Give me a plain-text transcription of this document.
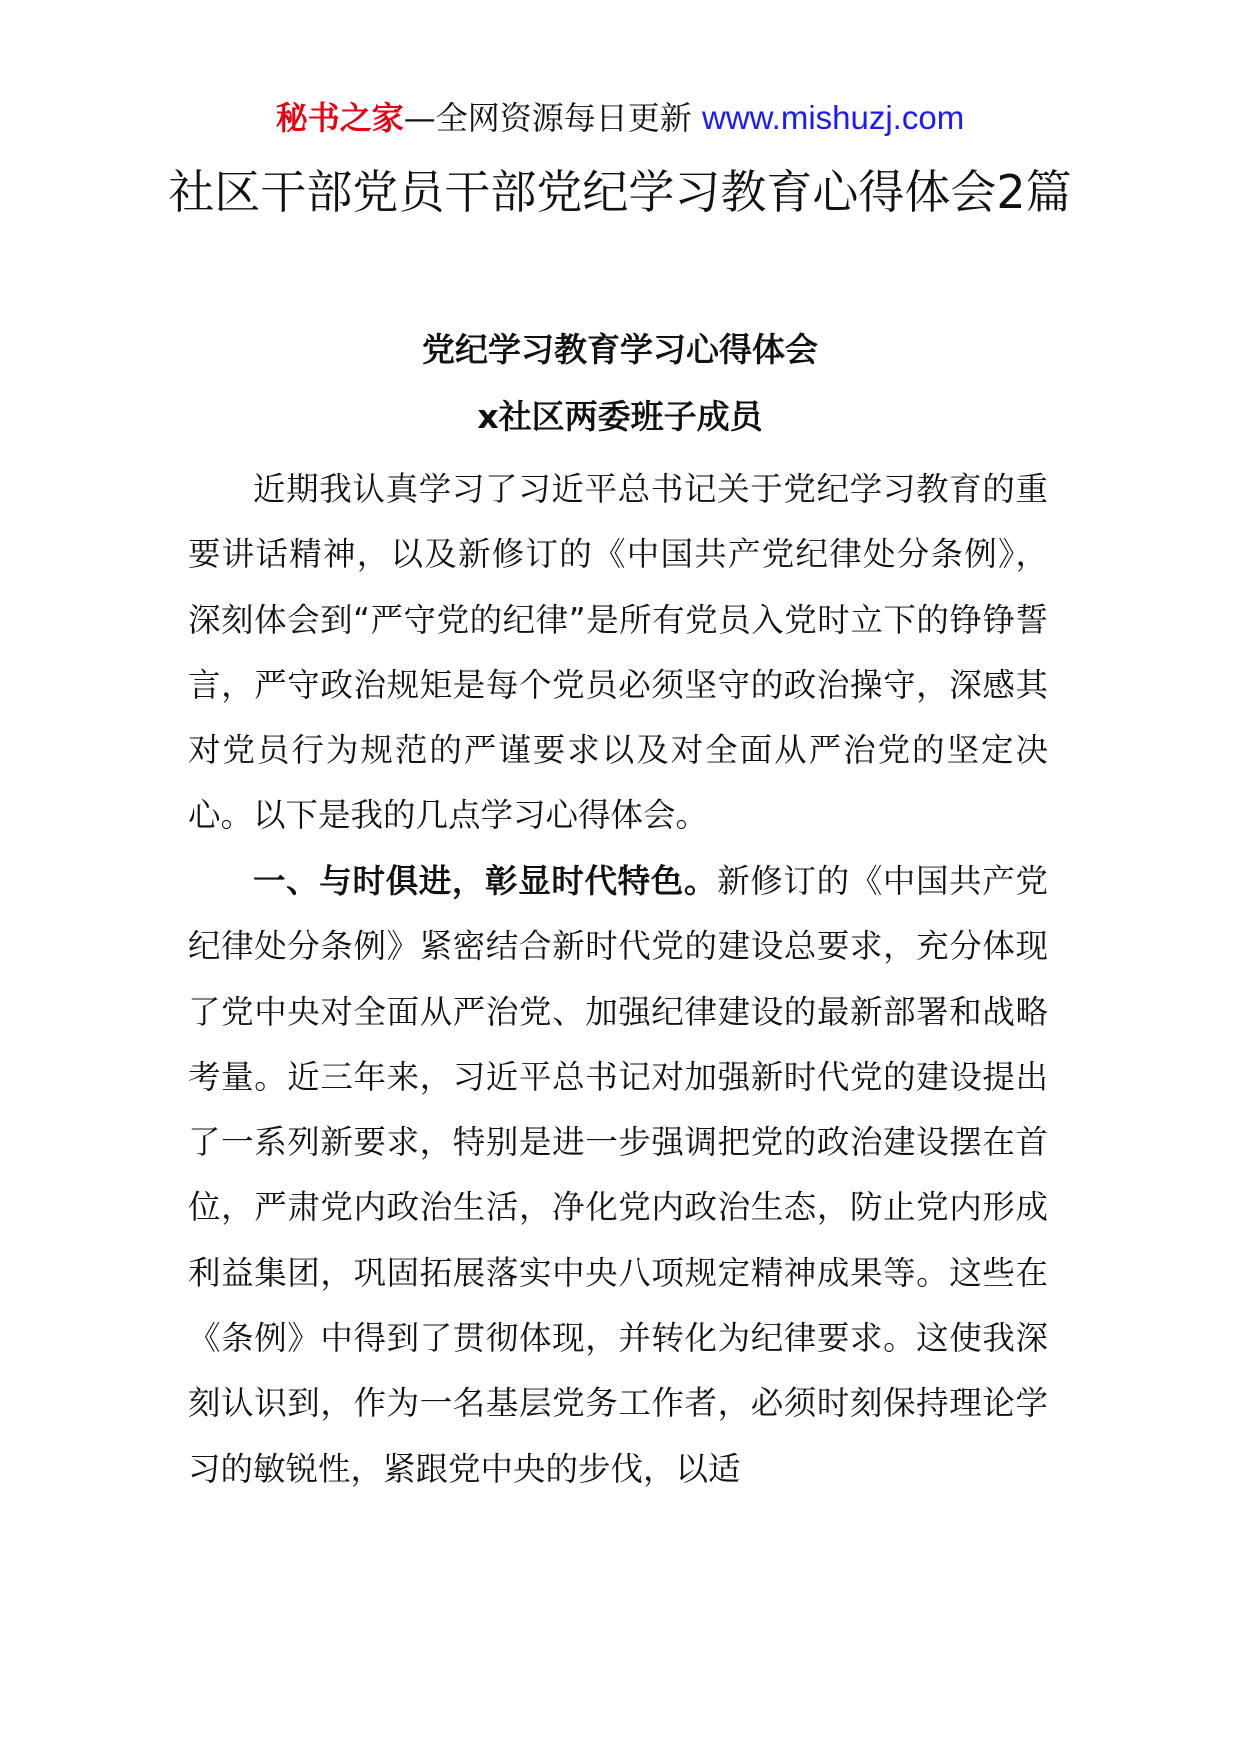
秘书之家—全网资源每日更新 www.mishuzj.com
社区干部党员干部党纪学习教育心得体会2篇
党纪学习教育学习心得体会
x社区两委班子成员

近期我认真学习了习近平总书记关于党纪学习教育的重要讲话精神，以及新修订的《中国共产党纪律处分条例》，深刻体会到“严守党的纪律”是所有党员入党时立下的铮铮誓言，严守政治规矩是每个党员必须坚守的政治操守，深感其对党员行为规范的严谨要求以及对全面从严治党的坚定决心。以下是我的几点学习心得体会。

一、与时俱进，彰显时代特色。新修订的《中国共产党纪律处分条例》紧密结合新时代党的建设总要求，充分体现了党中央对全面从严治党、加强纪律建设的最新部署和战略考量。近三年来，习近平总书记对加强新时代党的建设提出了一系列新要求，特别是进一步强调把党的政治建设摆在首位，严肃党内政治生活，净化党内政治生态，防止党内形成利益集团，巩固拓展落实中央八项规定精神成果等。这些在《条例》中得到了贯彻体现，并转化为纪律要求。这使我深刻认识到，作为一名基层党务工作者，必须时刻保持理论学习的敏锐性，紧跟党中央的步伐，以适
